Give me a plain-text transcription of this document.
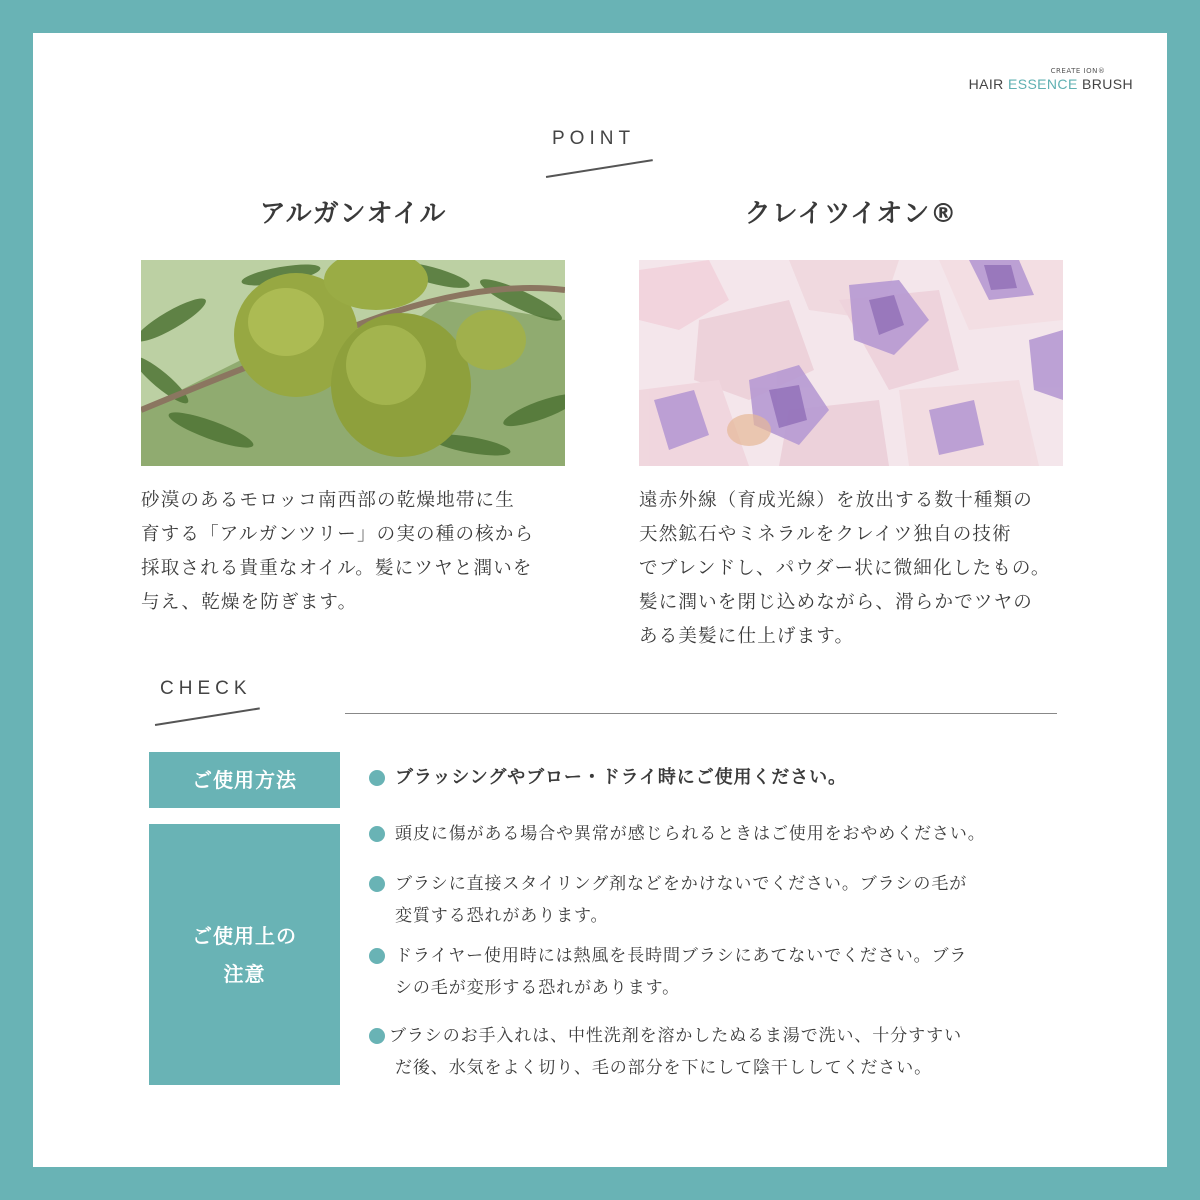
CREATE ION®
HAIR ESSENCE BRUSH
POINT
アルガンオイル
砂漠のあるモロッコ南西部の乾燥地帯に生
育する「アルガンツリー」の実の種の核から
採取される貴重なオイル。髪にツヤと潤いを
与え、乾燥を防ぎます。
クレイツイオン®
遠赤外線（育成光線）を放出する数十種類の
天然鉱石やミネラルをクレイツ独自の技術
でブレンドし、パウダー状に微細化したもの。
髪に潤いを閉じ込めながら、滑らかでツヤの
ある美髪に仕上げます。
CHECK
ご使用方法	ブラッシングやブロー・ドライ時にご使用ください。
ご使用上の
注意
頭皮に傷がある場合や異常が感じられるときはご使用をおやめください。
ブラシに直接スタイリング剤などをかけないでください。ブラシの毛が
変質する恐れがあります。
ドライヤー使用時には熱風を長時間ブラシにあてないでください。ブラ
シの毛が変形する恐れがあります。
ブラシのお手入れは、中性洗剤を溶かしたぬるま湯で洗い、十分すすい
だ後、水気をよく切り、毛の部分を下にして陰干ししてください。
